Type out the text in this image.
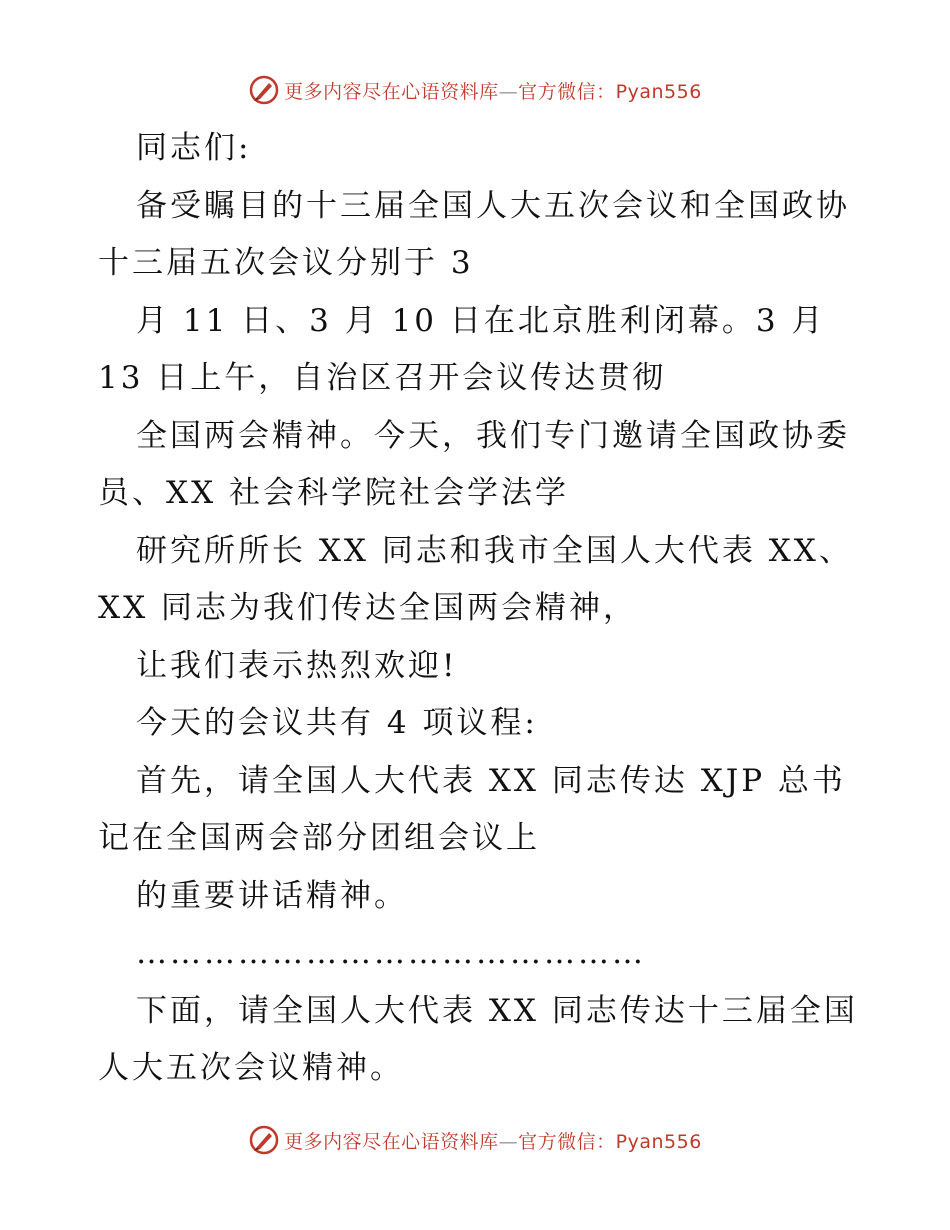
更多内容尽在心语资料库—官方微信：Pyan556
同志们:
备受瞩目的十三届全国人大五次会议和全国政协
十三届五次会议分别于 3
月 11 日、3 月 10 日在北京胜利闭幕。3 月
13 日上午，自治区召开会议传达贯彻
全国两会精神。今天，我们专门邀请全国政协委
员、XX 社会科学院社会学法学
研究所所长 XX 同志和我市全国人大代表 XX、
XX 同志为我们传达全国两会精神，
让我们表示热烈欢迎!
今天的会议共有 4 项议程:
首先，请全国人大代表 XX 同志传达 XJP 总书
记在全国两会部分团组会议上
的重要讲话精神。
………………………………………
下面，请全国人大代表 XX 同志传达十三届全国
人大五次会议精神。
更多内容尽在心语资料库—官方微信：Pyan556
